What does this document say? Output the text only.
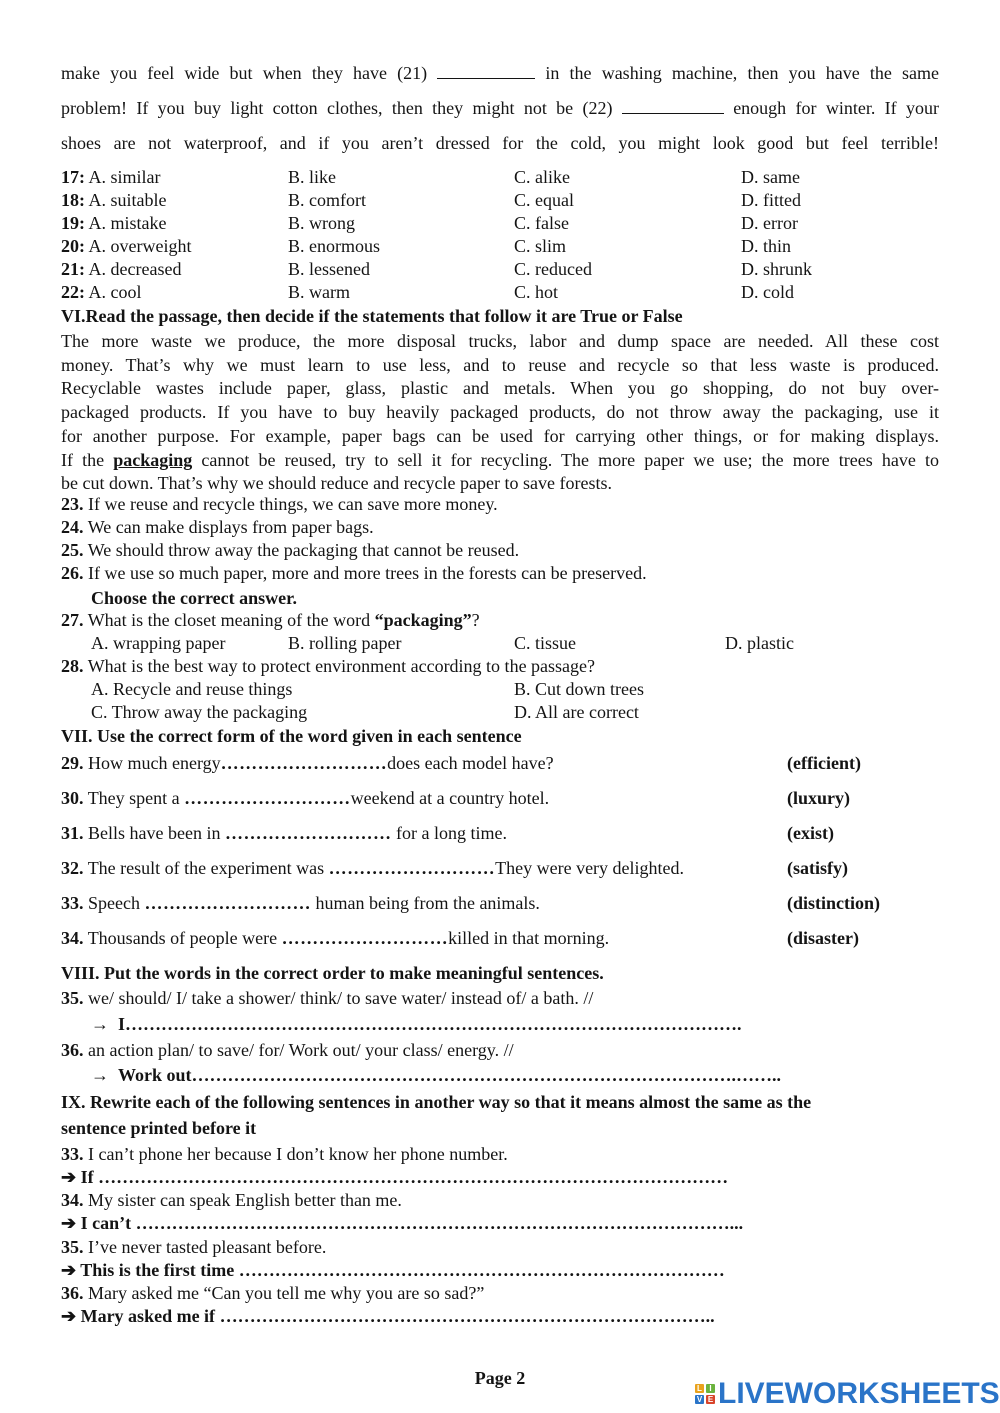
make you feel wide but when they have (21)	in the washing machine, then you have the same
problem! If you buy light cotton clothes, then they might not be (22)	enough for winter. If your
shoes are not waterproof, and if you aren’t dressed for the cold, you might look good but feel terrible!
17: A. similar	B. like	C. alike	D. same
18: A. suitable	B. comfort	C. equal	D. fitted
19: A. mistake	B. wrong	C. false	D. error
20: A. overweight	B. enormous	C. slim	D. thin
21: A. decreased	B. lessened	C. reduced	D. shrunk
22: A. cool	B. warm	C. hot	D. cold
VI.Read the passage, then decide if the statements that follow it are True or False
The more waste we produce, the more disposal trucks, labor and dump space are needed. All these cost
money. That’s why we must learn to use less, and to reuse and recycle so that less waste is produced.
Recyclable wastes include paper, glass, plastic and metals. When you go shopping, do not buy over-
packaged products. If you have to buy heavily packaged products, do not throw away the packaging, use it
for another purpose. For example, paper bags can be used for carrying other things, or for making displays.
If the packaging cannot be reused, try to sell it for recycling. The more paper we use; the more trees have to
be cut down. That’s why we should reduce and recycle paper to save forests.
23. If we reuse and recycle things, we can save more money.
24. We can make displays from paper bags.
25. We should throw away the packaging that cannot be reused.
26. If we use so much paper, more and more trees in the forests can be preserved.
Choose the correct answer.
27. What is the closet meaning of the word “packaging”?
A. wrapping paper	B. rolling paper	C. tissue	D. plastic
28. What is the best way to protect environment according to the passage?
A. Recycle and reuse things	B. Cut down trees
C. Throw away the packaging	D. All are correct
VII. Use the correct form of the word given in each sentence
29. How much energy………………………does each model have?	(efficient)
30. They spent a ………………………weekend at a country hotel.	(luxury)
31. Bells have been in ……………………… for a long time.	(exist)
32. The result of the experiment was ………………………They were very delighted.	(satisfy)
33. Speech ……………………… human being from the animals.	(distinction)
34. Thousands of people were ………………………killed in that morning.	(disaster)
VIII. Put the words in the correct order to make meaningful sentences.
35. we/ should/ I/ take a shower/ think/ to save water/ instead of/ a bath. //
→ I………………………………………………………………………………………….
36. an action plan/ to save/ for/ Work out/ your class/ energy. //
→ Work out……………………………………………………………………………….……..
IX. Rewrite each of the following sentences in another way so that it means almost the same as the
sentence printed before it
33. I can’t phone her because I don’t know her phone number.
➔ If ……………………………………………………………………………………………
34. My sister can speak English better than me.
➔ I can’t ………………………………………………………………………………………...
35. I’ve never tasted pleasant before.
➔ This is the first time ………………………………………………………………………
36. Mary asked me “Can you tell me why you are so sad?”
➔ Mary asked me if ………………………………………………………………………..
Page 2
L I
V E LIVEWORKSHEETS
